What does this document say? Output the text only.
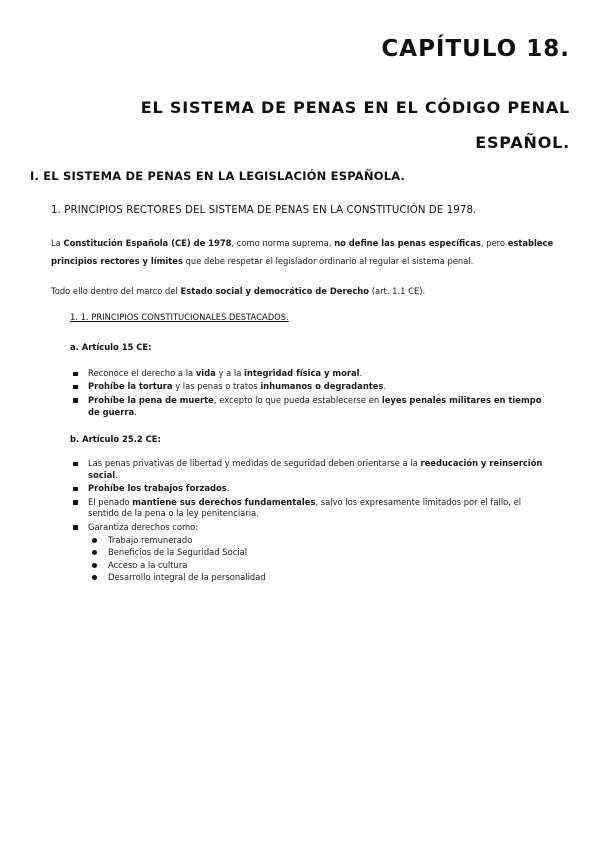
CAPÍTULO 18.
EL SISTEMA DE PENAS EN EL CÓDIGO PENAL ESPAÑOL.
I. EL SISTEMA DE PENAS EN LA LEGISLACIÓN ESPAÑOLA.
1. PRINCIPIOS RECTORES DEL SISTEMA DE PENAS EN LA CONSTITUCIÓN DE 1978.
La Constitución Española (CE) de 1978, como norma suprema, no define las penas específicas, pero establece principios rectores y límites que debe respetar el legislador ordinario al regular el sistema penal.
Todo ello dentro del marco del Estado social y democrático de Derecho (art. 1.1 CE).
1. 1. PRINCIPIOS CONSTITUCIONALES DESTACADOS.
a. Artículo 15 CE:
Reconoce el derecho a la vida y a la integridad física y moral.
Prohíbe la tortura y las penas o tratos inhumanos o degradantes.
Prohíbe la pena de muerte, excepto lo que pueda establecerse en leyes penales militares en tiempo de guerra.
b. Artículo 25.2 CE:
Las penas privativas de libertad y medidas de seguridad deben orientarse a la reeducación y reinserción social.
Prohíbe los trabajos forzados.
El penado mantiene sus derechos fundamentales, salvo los expresamente limitados por el fallo, el sentido de la pena o la ley penitenciaria.
Garantiza derechos como:
Trabajo remunerado
Beneficios de la Seguridad Social
Acceso a la cultura
Desarrollo integral de la personalidad
